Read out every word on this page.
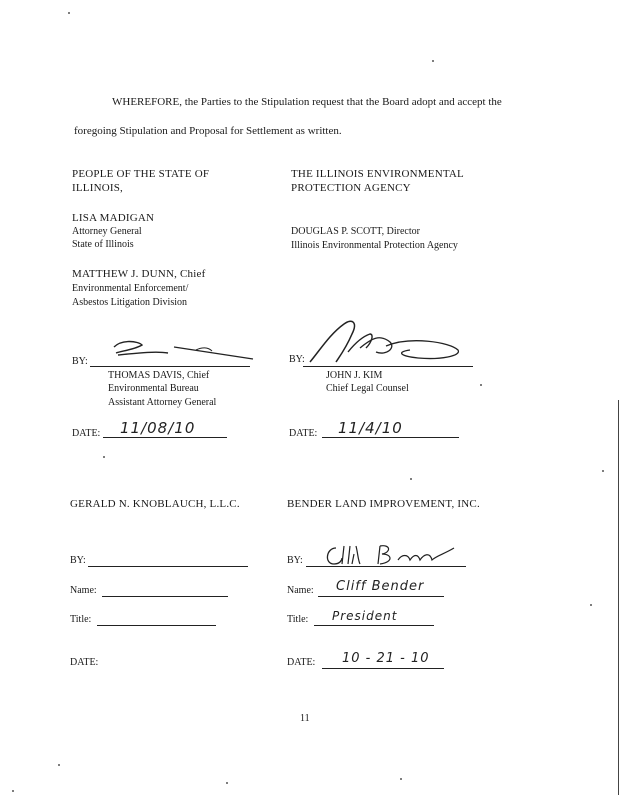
WHEREFORE, the Parties to the Stipulation request that the Board adopt and accept the
foregoing Stipulation and Proposal for Settlement as written.
PEOPLE OF THE STATE OF
ILLINOIS,
LISA MADIGAN
Attorney General
State of Illinois
MATTHEW J. DUNN, Chief
Environmental Enforcement/
Asbestos Litigation Division
BY:
THOMAS DAVIS, Chief
Environmental Bureau
Assistant Attorney General
DATE: 11/08/10
THE ILLINOIS ENVIRONMENTAL
PROTECTION AGENCY
DOUGLAS P. SCOTT, Director
Illinois Environmental Protection Agency
BY:
JOHN J. KIM
Chief Legal Counsel
DATE: 11/4/10
GERALD N. KNOBLAUCH, L.L.C.
BY:
Name:
Title:
DATE:
BENDER LAND IMPROVEMENT, INC.
BY:
Name: Cliff Bender
Title: President
DATE: 10 - 21 - 10
11
